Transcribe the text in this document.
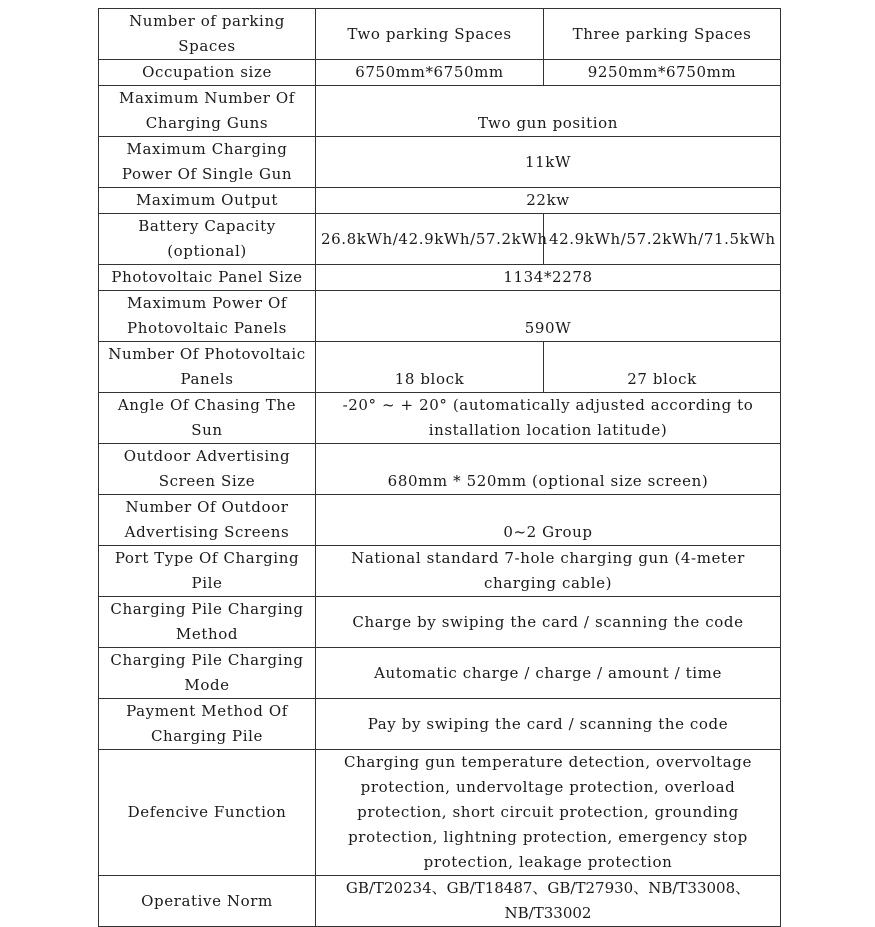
Number of parking Spaces	Two parking Spaces	Three parking Spaces
Occupation size	6750mm*6750mm	9250mm*6750mm
Maximum Number Of Charging Guns	Two gun position	
Maximum Charging Power Of Single Gun	11kW	
Maximum Output	22kw	
Battery Capacity (optional)	26.8kWh/42.9kWh/57.2kWh	42.9kWh/57.2kWh/71.5kWh
Photovoltaic Panel Size	1134*2278	
Maximum Power Of Photovoltaic Panels	590W	
Number Of Photovoltaic Panels	18 block	27 block
Angle Of Chasing The Sun	-20° ~ + 20° (automatically adjusted according to installation location latitude)	
Outdoor Advertising Screen Size	680mm * 520mm (optional size screen)	
Number Of Outdoor Advertising Screens	0~2 Group	
Port Type Of Charging Pile	National standard 7-hole charging gun (4-meter charging cable)	
Charging Pile Charging Method	Charge by swiping the card / scanning the code	
Charging Pile Charging Mode	Automatic charge / charge / amount / time	
Payment Method Of Charging Pile	Pay by swiping the card / scanning the code	
Defencive Function	Charging gun temperature detection, overvoltage protection, undervoltage protection, overload protection, short circuit protection, grounding protection, lightning protection, emergency stop protection, leakage protection	
Operative Norm	GB/T20234、GB/T18487、GB/T27930、NB/T33008、NB/T33002	
